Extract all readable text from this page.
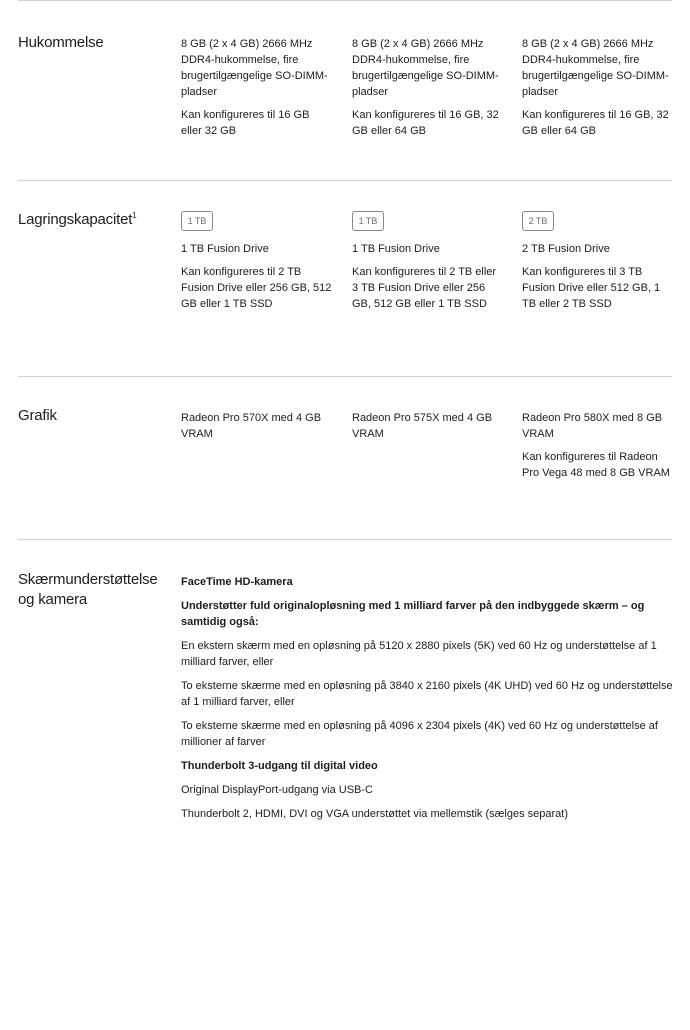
Hukommelse	8 GB (2 x 4 GB) 2666 MHz DDR4-hukommelse, fire brugertilgængelige SO-DIMM-pladser

Kan konfigureres til 16 GB eller 32 GB

8 GB (2 x 4 GB) 2666 MHz DDR4-hukommelse, fire brugertilgængelige SO-DIMM-pladser

Kan konfigureres til 16 GB, 32 GB eller 64 GB

8 GB (2 x 4 GB) 2666 MHz DDR4-hukommelse, fire brugertilgængelige SO-DIMM-pladser

Kan konfigureres til 16 GB, 32 GB eller 64 GB

Lagringskapacitet$^1$
1 TB

1 TB Fusion Drive

Kan konfigureres til 2 TB Fusion Drive eller 256 GB, 512 GB eller 1 TB SSD

1 TB

1 TB Fusion Drive

Kan konfigureres til 2 TB eller 3 TB Fusion Drive eller 256 GB, 512 GB eller 1 TB SSD

2 TB

2 TB Fusion Drive

Kan konfigureres til 3 TB Fusion Drive eller 512 GB, 1 TB eller 2 TB SSD

Grafik	Radeon Pro 570X med 4 GB VRAM

Radeon Pro 575X med 4 GB VRAM

Radeon Pro 580X med 8 GB VRAM

Kan konfigureres til Radeon Pro Vega 48 med 8 GB VRAM

Skærmunderstøttelse
og kamera

FaceTime HD-kamera

Understøtter fuld originalopløsning med 1 milliard farver på den indbyggede skærm – og samtidig også:

En ekstern skærm med en opløsning på 5120 x 2880 pixels (5K) ved 60 Hz og understøttelse af 1 milliard farver, eller

To eksterne skærme med en opløsning på 3840 x 2160 pixels (4K UHD) ved 60 Hz og understøttelse af 1 milliard farver, eller

To eksterne skærme med en opløsning på 4096 x 2304 pixels (4K) ved 60 Hz og understøttelse af millioner af farver

Thunderbolt 3-udgang til digital video

Original DisplayPort-udgang via USB-C

Thunderbolt 2, HDMI, DVI og VGA understøttet via mellemstik (sælges separat)
